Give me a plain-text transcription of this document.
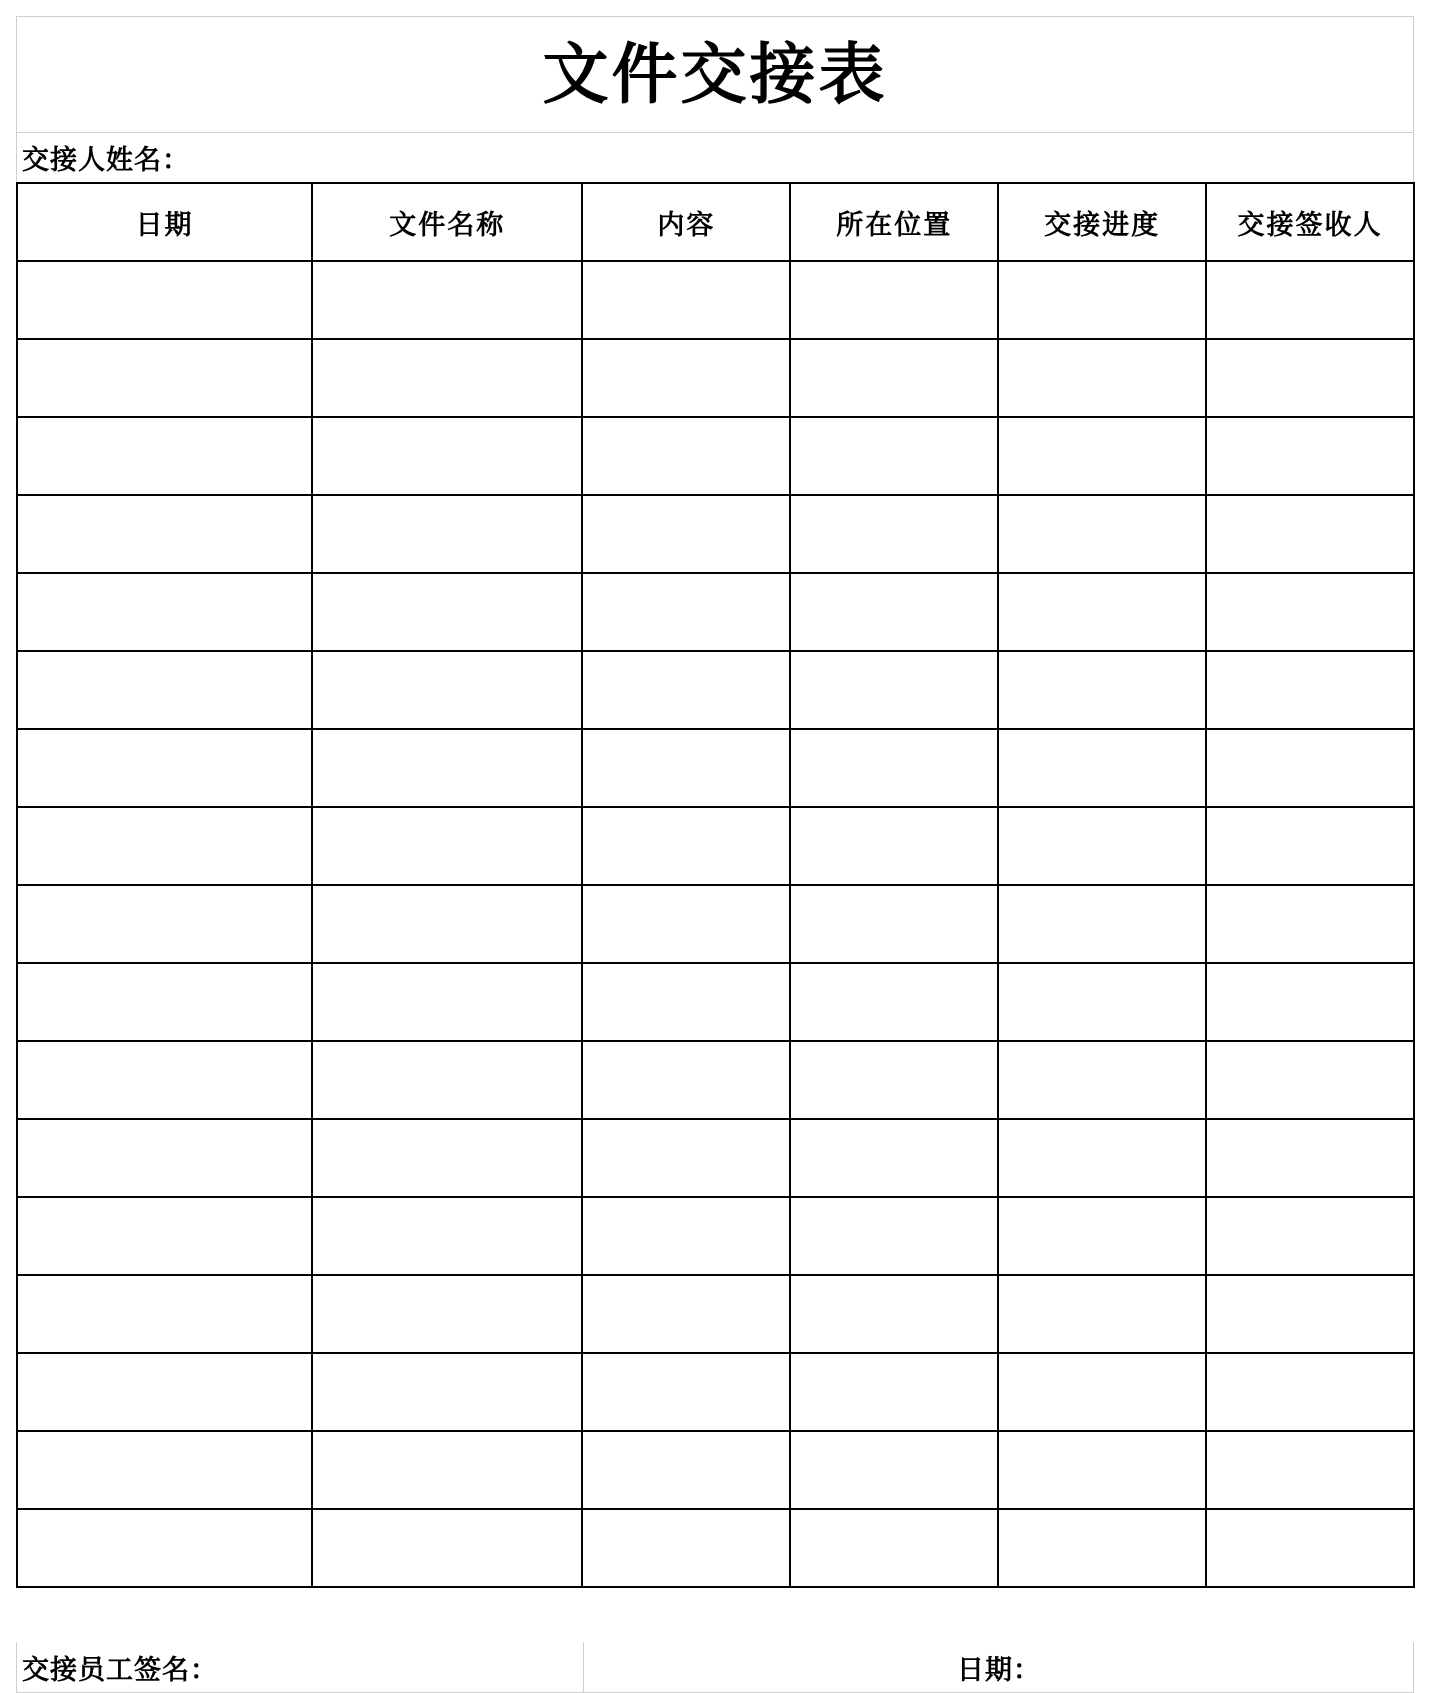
文件交接表
交接人姓名：
日期	文件名称	内容	所在位置	交接进度	交接签收人

交接员工签名：	日期：
